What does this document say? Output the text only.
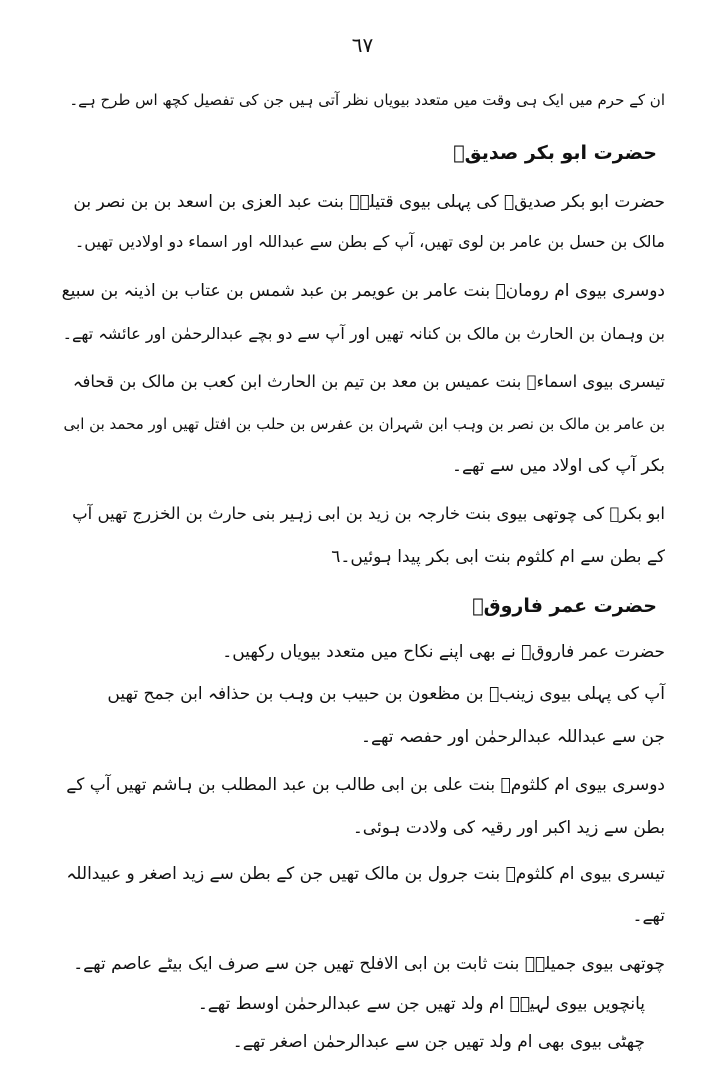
٦٧
ان کے حرم میں ایک ہی وقت میں متعدد بیویاں نظر آتی ہیں جن کی تفصیل کچھ اس طرح ہے۔
حضرت ابو بکر صدیقؓ
حضرت ابو بکر صدیقؓ کی پہلی بیوی قتیلہؓ بنت عبد العزی بن اسعد بن بن نصر بن
مالک بن حسل بن عامر بن لوی تھیں، آپ کے بطن سے عبداللہ اور اسماء دو اولادیں تھیں۔
دوسری بیوی ام رومانؓ بنت عامر بن عویمر بن عبد شمس بن عتاب بن اذینہ بن سبیع
بن وہمان بن الحارث بن مالک بن کنانہ تھیں اور آپ سے دو بچے عبدالرحمٰن اور عائشہ تھے۔
تیسری بیوی اسماءؓ بنت عمیس بن معد بن تیم بن الحارث ابن کعب بن مالک بن قحافہ
بن عامر بن مالک بن نصر بن وہب ابن شہران بن عفرس بن حلب بن افتل تھیں اور محمد بن ابی
بکر آپ کی اولاد میں سے تھے۔
ابو بکرؓ کی چوتھی بیوی بنت خارجہ بن زید بن ابی زہیر بنی حارث بن الخزرج تھیں آپ
کے بطن سے ام کلثوم بنت ابی بکر پیدا ہوئیں۔٦
حضرت عمر فاروقؓ
حضرت عمر فاروقؓ نے بھی اپنے نکاح میں متعدد بیویاں رکھیں۔
آپ کی پہلی بیوی زینبؓ بن مظعون بن حبیب بن وہب بن حذافہ ابن جمح تھیں
جن سے عبداللہ عبدالرحمٰن اور حفصہ تھے۔
دوسری بیوی ام کلثومؓ بنت علی بن ابی طالب بن عبد المطلب بن ہاشم تھیں آپ کے
بطن سے زید اکبر اور رقیہ کی ولادت ہوئی۔
تیسری بیوی ام کلثومؓ بنت جرول بن مالک تھیں جن کے بطن سے زید اصغر و عبیداللہ
تھے۔
چوتھی بیوی جمیلہؓ بنت ثابت بن ابی الافلح تھیں جن سے صرف ایک بیٹے عاصم تھے۔
پانچویں بیوی لہیہؓ ام ولد تھیں جن سے عبدالرحمٰن اوسط تھے۔
چھٹی بیوی بھی ام ولد تھیں جن سے عبدالرحمٰن اصغر تھے۔
